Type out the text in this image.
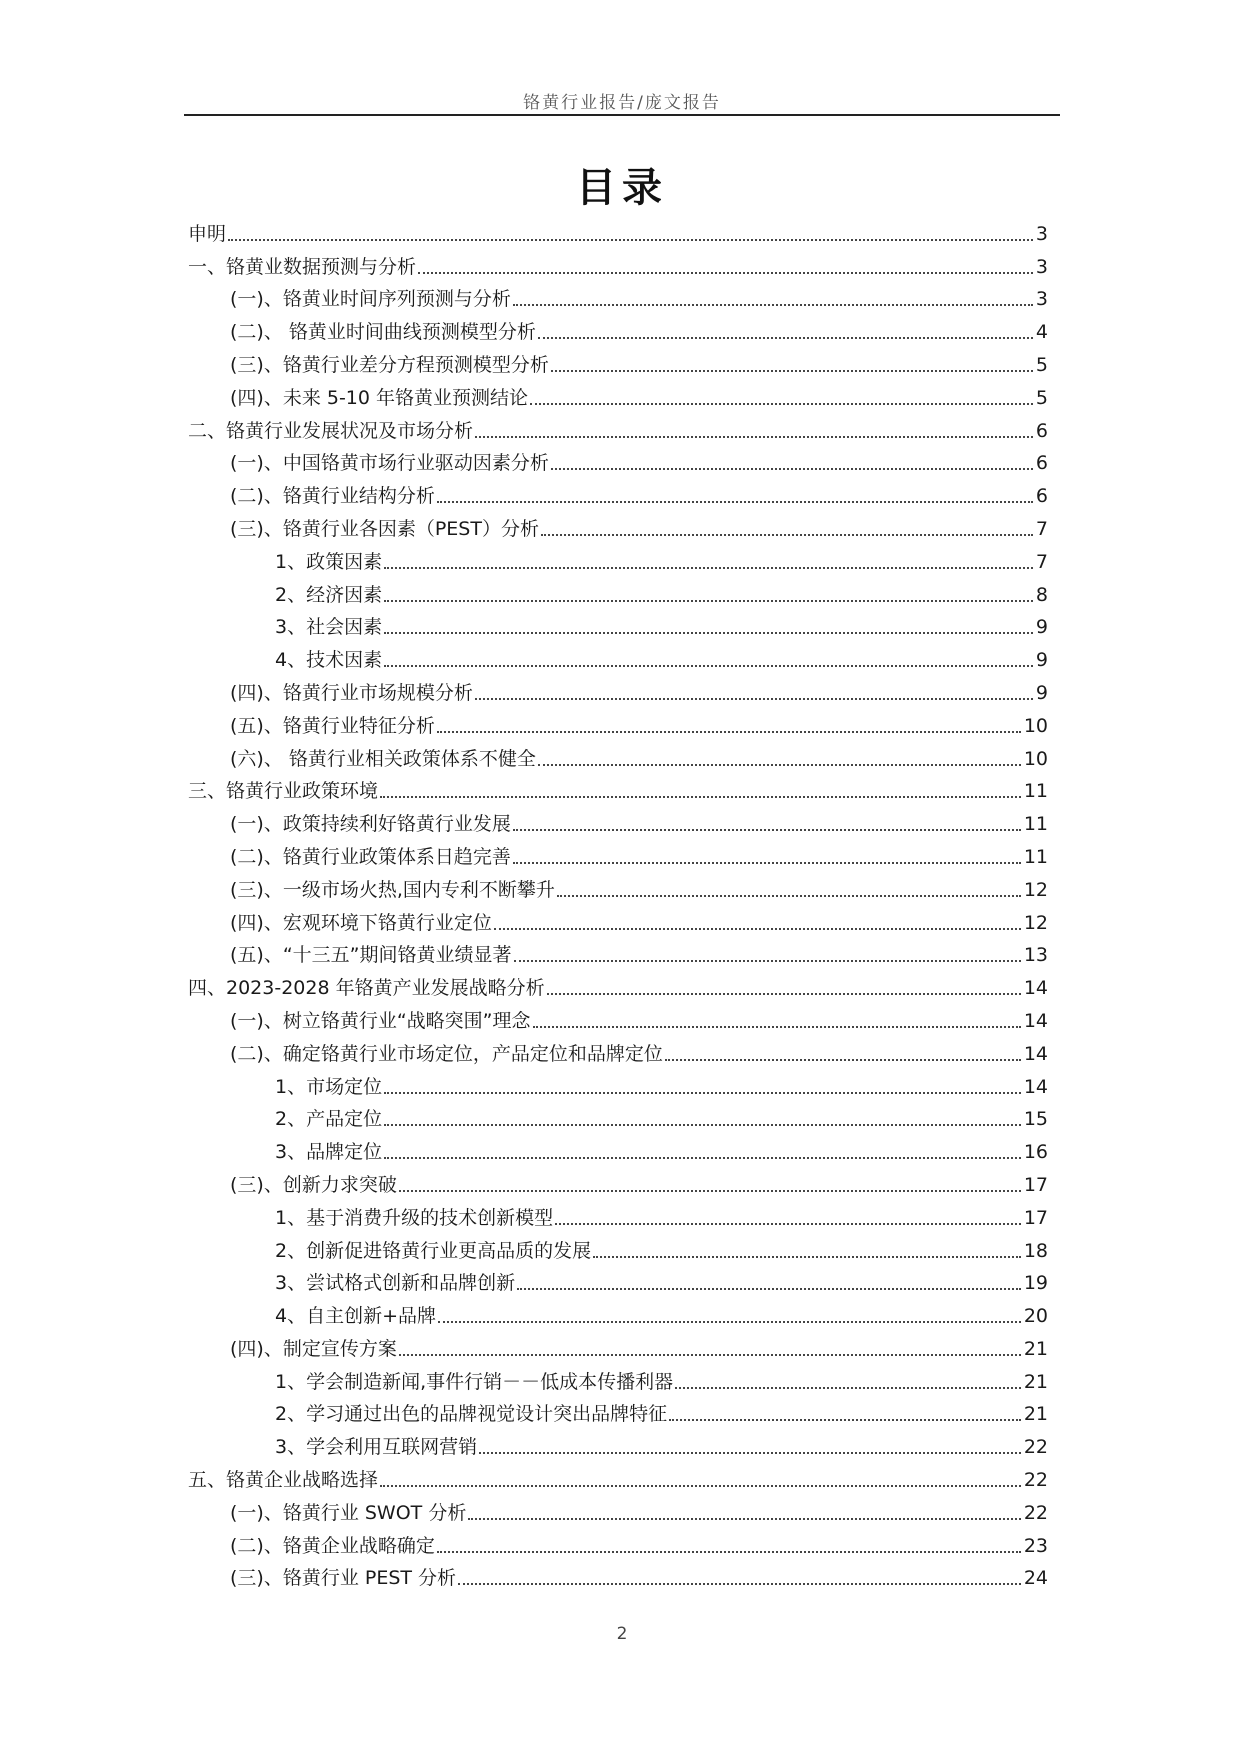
铬黄行业报告/庞文报告
目录
申明	3
一、铬黄业数据预测与分析	3
(一)、铬黄业时间序列预测与分析	3
(二)、 铬黄业时间曲线预测模型分析	4
(三)、铬黄行业差分方程预测模型分析	5
(四)、未来 5-10 年铬黄业预测结论	5
二、铬黄行业发展状况及市场分析	6
(一)、中国铬黄市场行业驱动因素分析	6
(二)、铬黄行业结构分析	6
(三)、铬黄行业各因素（PEST）分析	7
1、政策因素	7
2、经济因素	8
3、社会因素	9
4、技术因素	9
(四)、铬黄行业市场规模分析	9
(五)、铬黄行业特征分析	10
(六)、 铬黄行业相关政策体系不健全	10
三、铬黄行业政策环境	11
(一)、政策持续利好铬黄行业发展	11
(二)、铬黄行业政策体系日趋完善	11
(三)、一级市场火热,国内专利不断攀升	12
(四)、宏观环境下铬黄行业定位	12
(五)、“十三五”期间铬黄业绩显著	13
四、2023-2028 年铬黄产业发展战略分析	14
(一)、树立铬黄行业“战略突围”理念	14
(二)、确定铬黄行业市场定位，产品定位和品牌定位	14
1、市场定位	14
2、产品定位	15
3、品牌定位	16
(三)、创新力求突破	17
1、基于消费升级的技术创新模型	17
2、创新促进铬黄行业更高品质的发展	18
3、尝试格式创新和品牌创新	19
4、自主创新+品牌	20
(四)、制定宣传方案	21
1、学会制造新闻,事件行销－－低成本传播利器	21
2、学习通过出色的品牌视觉设计突出品牌特征	21
3、学会利用互联网营销	22
五、铬黄企业战略选择	22
(一)、铬黄行业 SWOT 分析	22
(二)、铬黄企业战略确定	23
(三)、铬黄行业 PEST 分析	24
2
